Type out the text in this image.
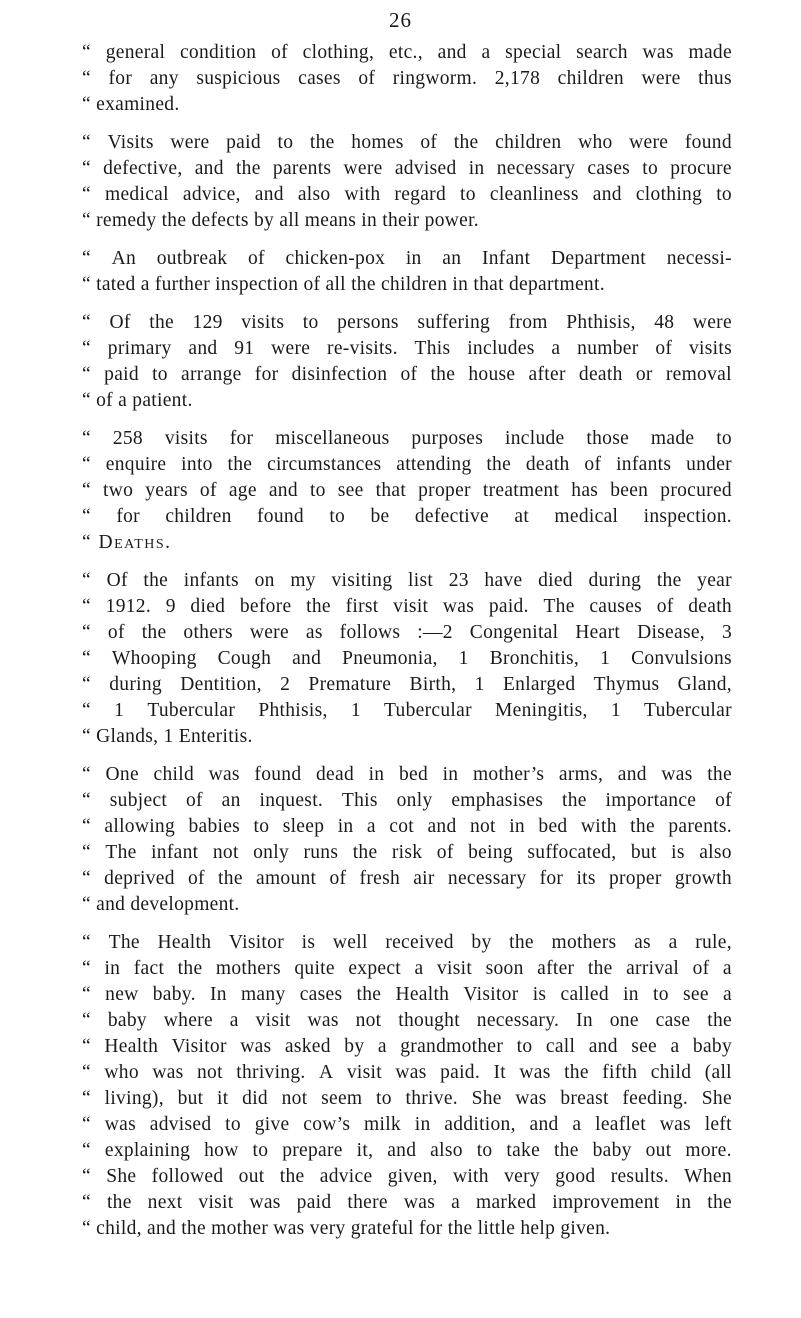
26
“ general condition of clothing, etc., and a special search was made
“ for any suspicious cases of ringworm. 2,178 children were thus
“ examined.
“ Visits were paid to the homes of the children who were found
“ defective, and the parents were advised in necessary cases to procure
“ medical advice, and also with regard to cleanliness and clothing to
“ remedy the defects by all means in their power.
“ An outbreak of chicken-pox in an Infant Department necessi-
“ tated a further inspection of all the children in that department.
“ Of the 129 visits to persons suffering from Phthisis, 48 were
“ primary and 91 were re-visits. This includes a number of visits
“ paid to arrange for disinfection of the house after death or removal
“ of a patient.
“ 258 visits for miscellaneous purposes include those made to
“ enquire into the circumstances attending the death of infants under
“ two years of age and to see that proper treatment has been procured
“ for children found to be defective at medical inspection.
“ Deaths.
“ Of the infants on my visiting list 23 have died during the year
“ 1912. 9 died before the first visit was paid. The causes of death
“ of the others were as follows :—2 Congenital Heart Disease, 3
“ Whooping Cough and Pneumonia, 1 Bronchitis, 1 Convulsions
“ during Dentition, 2 Premature Birth, 1 Enlarged Thymus Gland,
“ 1 Tubercular Phthisis, 1 Tubercular Meningitis, 1 Tubercular
“ Glands, 1 Enteritis.
“ One child was found dead in bed in mother’s arms, and was the
“ subject of an inquest. This only emphasises the importance of
“ allowing babies to sleep in a cot and not in bed with the parents.
“ The infant not only runs the risk of being suffocated, but is also
“ deprived of the amount of fresh air necessary for its proper growth
“ and development.
“ The Health Visitor is well received by the mothers as a rule,
“ in fact the mothers quite expect a visit soon after the arrival of a
“ new baby. In many cases the Health Visitor is called in to see a
“ baby where a visit was not thought necessary. In one case the
“ Health Visitor was asked by a grandmother to call and see a baby
“ who was not thriving. A visit was paid. It was the fifth child (all
“ living), but it did not seem to thrive. She was breast feeding. She
“ was advised to give cow’s milk in addition, and a leaflet was left
“ explaining how to prepare it, and also to take the baby out more.
“ She followed out the advice given, with very good results. When
“ the next visit was paid there was a marked improvement in the
“ child, and the mother was very grateful for the little help given.
